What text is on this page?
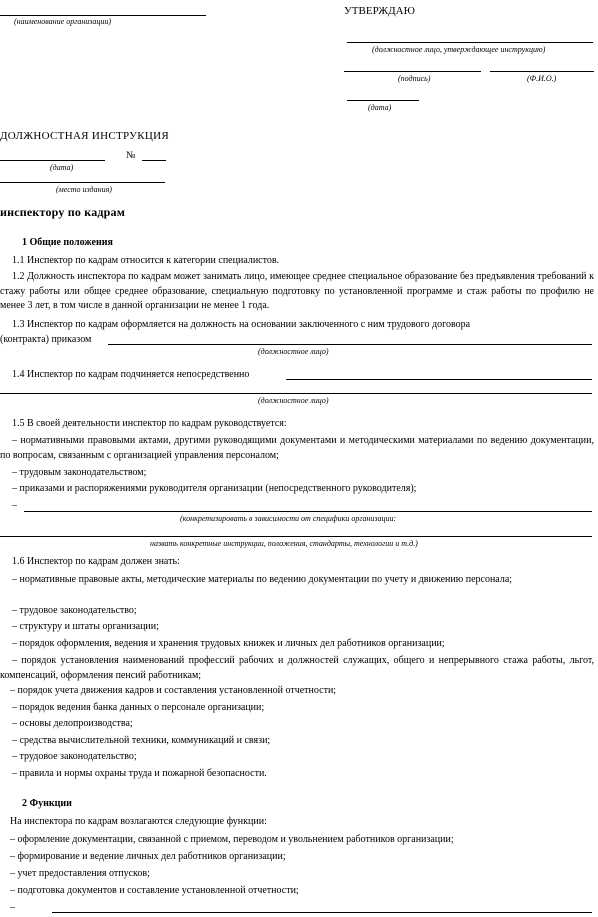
(наименование организации)
УТВЕРЖДАЮ
(должностное лицо, утверждающее инструкцию)
(подпись)	(Ф.И.О.)
(дата)
ДОЛЖНОСТНАЯ ИНСТРУКЦИЯ
№
(дата)
(место издания)
инспектору по кадрам
1 Общие положения
1.1 Инспектор по кадрам относится к категории специалистов.
1.2 Должность инспектора по кадрам может занимать лицо, имеющее среднее специальное образование без предъявления требований к стажу работы или общее среднее образование, специальную подготовку по установленной программе и стаж работы по профилю не менее 3 лет, в том числе в данной организации не менее 1 года.
1.3 Инспектор по кадрам оформляется на должность на основании заключенного с ним трудового договора
(контракта) приказом
(должностное лицо)
1.4 Инспектор по кадрам подчиняется непосредственно
(должностное лицо)
1.5 В своей деятельности инспектор по кадрам руководствуется:
– нормативными правовыми актами, другими руководящими документами и методическими материалами по ведению документации, по вопросам, связанным с организацией управления персоналом;
– трудовым законодательством;
– приказами и распоряжениями руководителя организации (непосредственного руководителя);
–
(конкретизировать в зависимости от специфики организации:
назвать конкретные инструкции, положения, стандарты, технологии и т.д.)
1.6 Инспектор по кадрам должен знать:
– нормативные правовые акты, методические материалы по ведению документации по учету и движению персонала;
– трудовое законодательство;
– структуру и штаты организации;
– порядок оформления, ведения и хранения трудовых книжек и личных дел работников организации;
– порядок установления наименований профессий рабочих и должностей служащих, общего и непрерывного стажа работы, льгот, компенсаций, оформления пенсий работникам;
– порядок учета движения кадров и составления установленной отчетности;
– порядок ведения банка данных о персонале организации;
– основы делопроизводства;
– средства вычислительной техники, коммуникаций и связи;
– трудовое законодательство;
– правила и нормы охраны труда и пожарной безопасности.
2 Функции
На инспектора по кадрам возлагаются следующие функции:
– оформление документации, связанной с приемом, переводом и увольнением работников организации;
– формирование и ведение личных дел работников организации;
– учет предоставления отпусков;
– подготовка документов и составление установленной отчетности;
–
